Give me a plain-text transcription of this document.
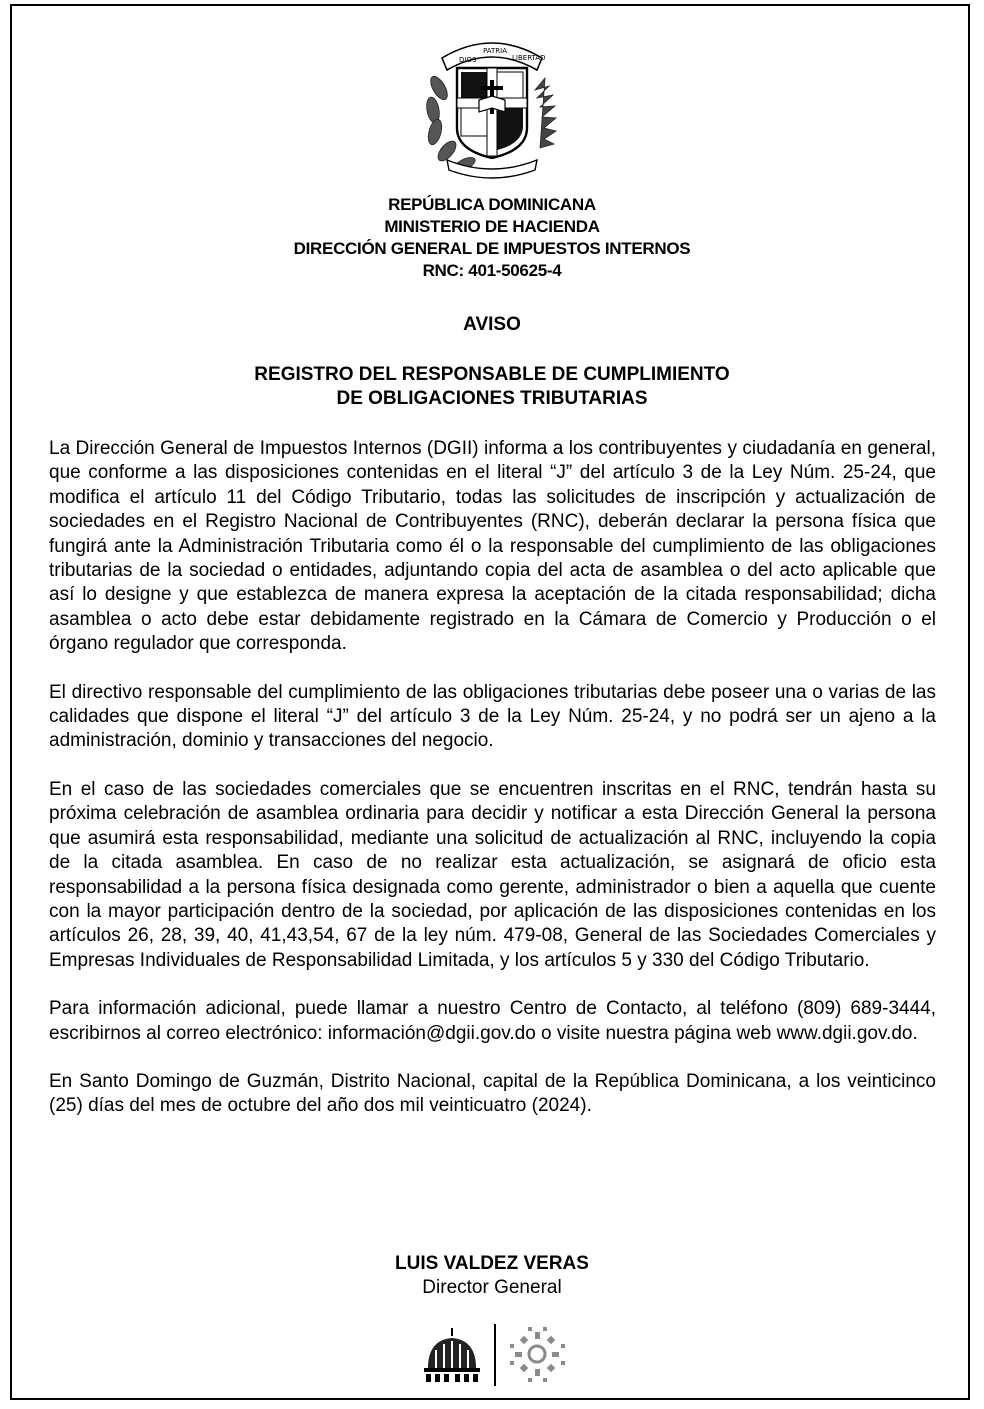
DIOS
PATRIA
LIBERTAD
REPÚBLICA DOMINICANA
MINISTERIO DE HACIENDA
DIRECCIÓN GENERAL DE IMPUESTOS INTERNOS
RNC: 401-50625-4
AVISO
REGISTRO DEL RESPONSABLE DE CUMPLIMIENTO
DE OBLIGACIONES TRIBUTARIAS

La Dirección General de Impuestos Internos (DGII) informa a los contribuyentes y ciudadanía en general, que conforme a las disposiciones contenidas en el literal “J” del artículo 3 de la Ley Núm. 25-24, que modifica el artículo 11 del Código Tributario, todas las solicitudes de inscripción y actualización de sociedades en el Registro Nacional de Contribuyentes (RNC), deberán declarar la persona física que fungirá ante la Administración Tributaria como él o la responsable del cumplimiento de las obligaciones tributarias de la sociedad o entidades, adjuntando copia del acta de asamblea o del acto aplicable que así lo designe y que establezca de manera expresa la aceptación de la citada responsabilidad; dicha asamblea o acto debe estar debidamente registrado en la Cámara de Comercio y Producción o el órgano regulador que corresponda.

El directivo responsable del cumplimiento de las obligaciones tributarias debe poseer una o varias de las calidades que dispone el literal “J” del artículo 3 de la Ley Núm. 25-24, y no podrá ser un ajeno a la administración, dominio y transacciones del negocio.

En el caso de las sociedades comerciales que se encuentren inscritas en el RNC, tendrán hasta su próxima celebración de asamblea ordinaria para decidir y notificar a esta Dirección General la persona que asumirá esta responsabilidad, mediante una solicitud de actualización al RNC, incluyendo la copia de la citada asamblea. En caso de no realizar esta actualización, se asignará de oficio esta responsabilidad a la persona física designada como gerente, administrador o bien a aquella que cuente con la mayor participación dentro de la sociedad, por aplicación de las disposiciones contenidas en los artículos 26, 28, 39, 40, 41,43,54, 67 de la ley núm. 479-08, General de las Sociedades Comerciales y Empresas Individuales de Responsabilidad Limitada, y los artículos 5 y 330 del Código Tributario.

Para información adicional, puede llamar a nuestro Centro de Contacto, al teléfono (809) 689-3444, escribirnos al correo electrónico: información@dgii.gov.do o visite nuestra página web www.dgii.gov.do.

En Santo Domingo de Guzmán, Distrito Nacional, capital de la República Dominicana, a los veinticinco (25) días del mes de octubre del año dos mil veinticuatro (2024).

LUIS VALDEZ VERAS
Director General
